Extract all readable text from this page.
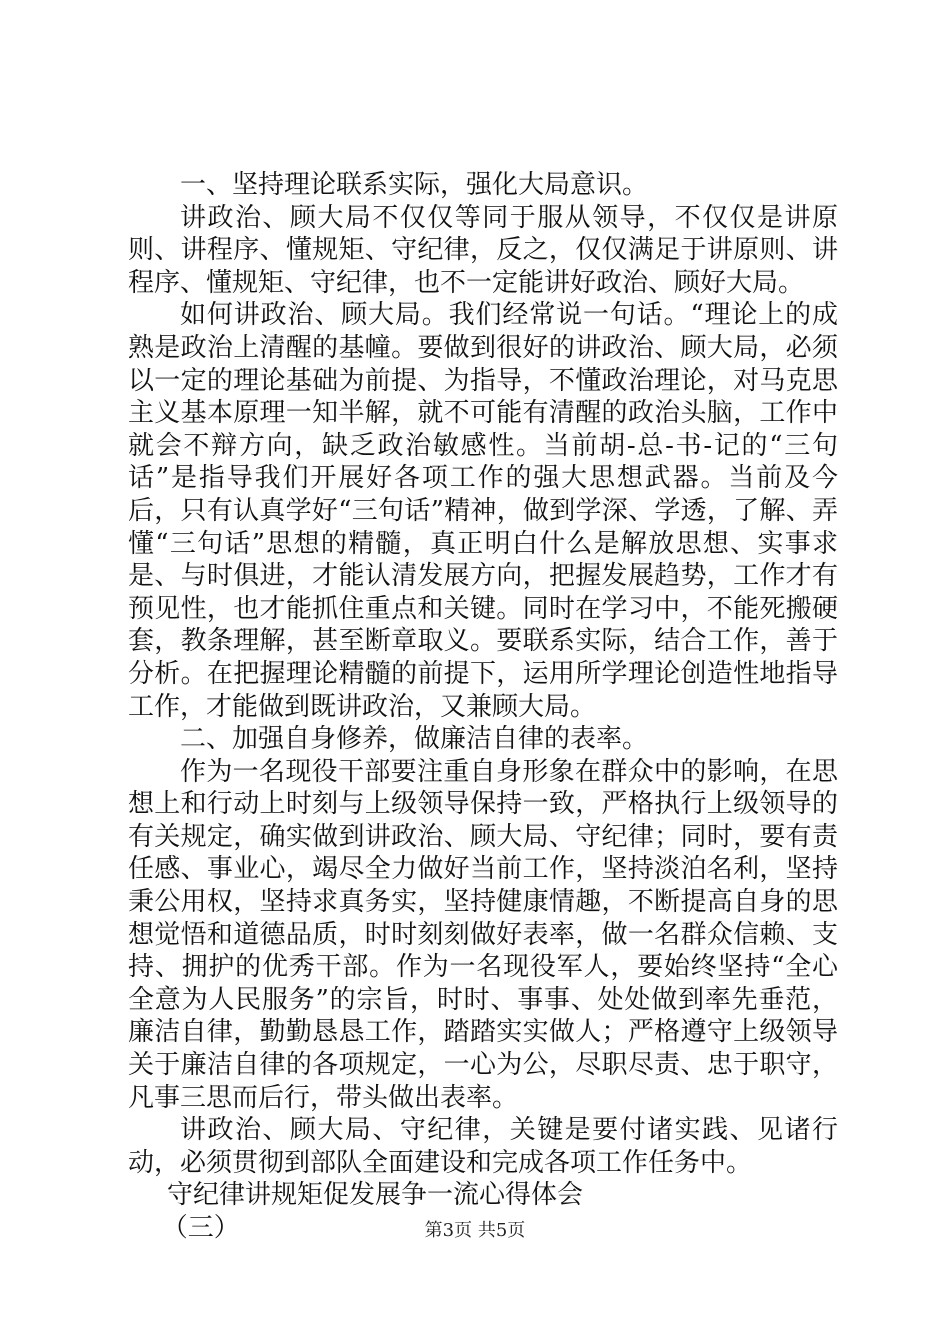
一、坚持理论联系实际，强化大局意识。

讲政治、顾大局不仅仅等同于服从领导，不仅仅是讲原则、讲程序、懂规矩、守纪律，反之，仅仅满足于讲原则、讲程序、懂规矩、守纪律，也不一定能讲好政治、顾好大局。

如何讲政治、顾大局。我们经常说一句话。“理论上的成熟是政治上清醒的基幢。要做到很好的讲政治、顾大局，必须以一定的理论基础为前提、为指导，不懂政治理论，对马克思主义基本原理一知半解，就不可能有清醒的政治头脑，工作中就会不辩方向，缺乏政治敏感性。当前胡-总-书-记的“三句话”是指导我们开展好各项工作的强大思想武器。当前及今后，只有认真学好“三句话”精神，做到学深、学透，了解、弄懂“三句话”思想的精髓，真正明白什么是解放思想、实事求是、与时俱进，才能认清发展方向，把握发展趋势，工作才有预见性，也才能抓住重点和关键。同时在学习中，不能死搬硬套，教条理解，甚至断章取义。要联系实际，结合工作，善于分析。在把握理论精髓的前提下，运用所学理论创造性地指导工作，才能做到既讲政治，又兼顾大局。

二、加强自身修养，做廉洁自律的表率。

作为一名现役干部要注重自身形象在群众中的影响，在思想上和行动上时刻与上级领导保持一致，严格执行上级领导的有关规定，确实做到讲政治、顾大局、守纪律；同时，要有责任感、事业心，竭尽全力做好当前工作，坚持淡泊名利，坚持秉公用权，坚持求真务实，坚持健康情趣，不断提高自身的思想觉悟和道德品质，时时刻刻做好表率，做一名群众信赖、支持、拥护的优秀干部。作为一名现役军人，要始终坚持“全心全意为人民服务”的宗旨，时时、事事、处处做到率先垂范，廉洁自律，勤勤恳恳工作，踏踏实实做人；严格遵守上级领导关于廉洁自律的各项规定，一心为公，尽职尽责、忠于职守，凡事三思而后行，带头做出表率。

讲政治、顾大局、守纪律，关键是要付诸实践、见诸行动，必须贯彻到部队全面建设和完成各项工作任务中。

守纪律讲规矩促发展争一流心得体会

（三）	第3页 共5页
